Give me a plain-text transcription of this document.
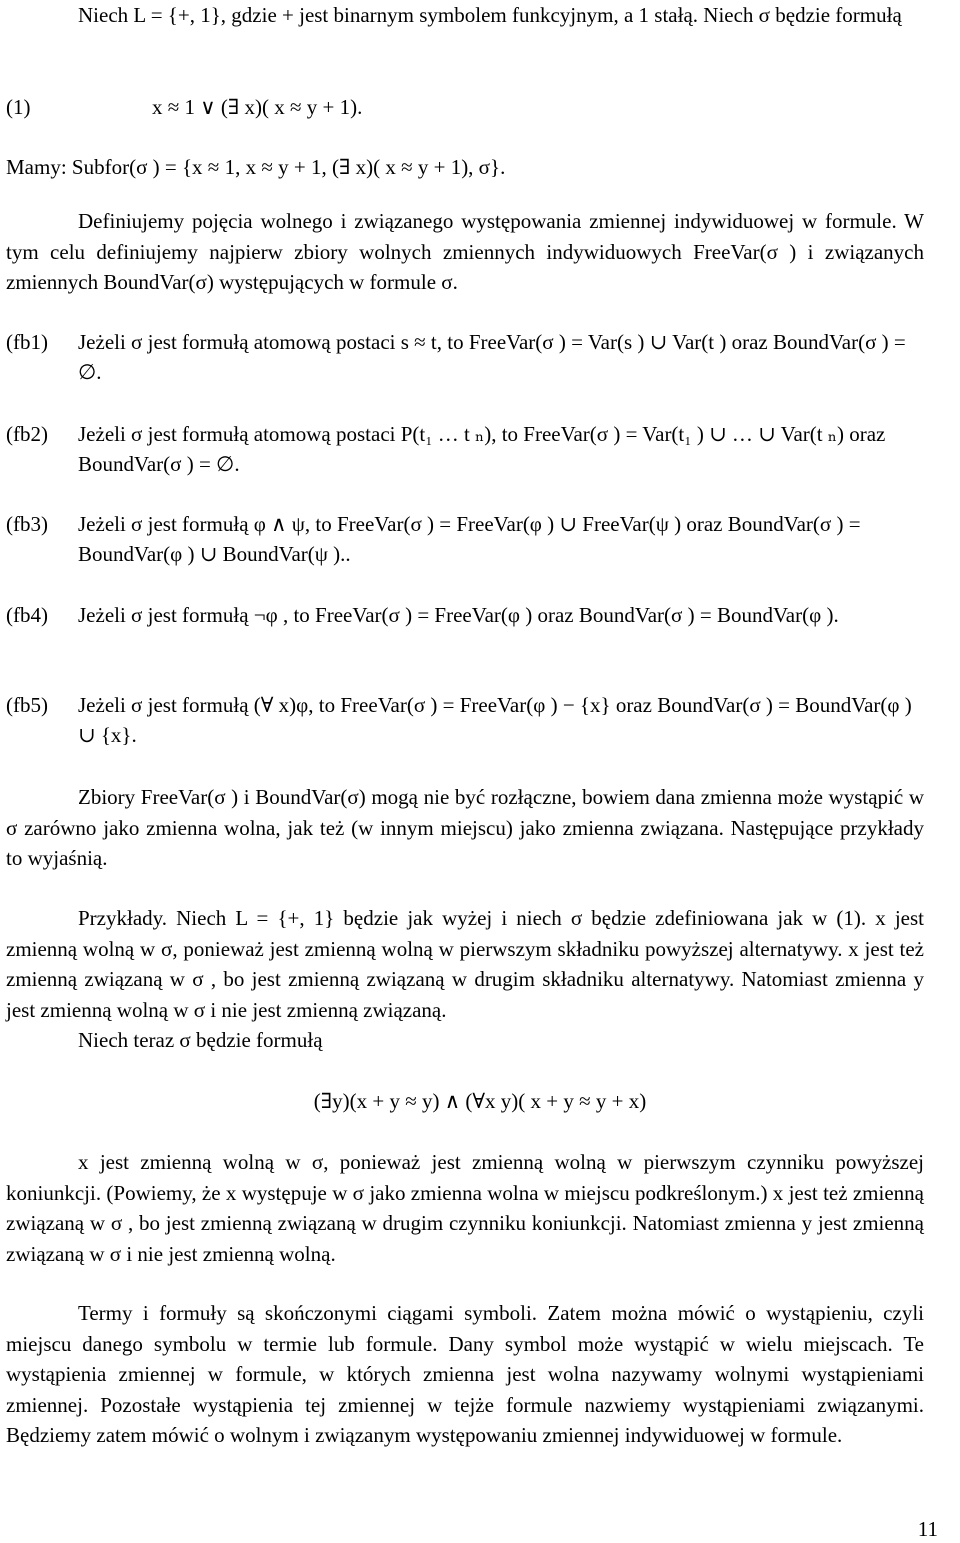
Niech L = {+, 1}, gdzie + jest binarnym symbolem funkcyjnym, a 1 stałą. Niech σ będzie formułą

(1)	x ≈ 1 ∨ (∃ x)( x ≈ y + 1).

Mamy: Subfor(σ ) = {x ≈ 1, x ≈ y + 1, (∃ x)( x ≈ y + 1), σ}.

Definiujemy pojęcia wolnego i związanego występowania zmiennej indywiduowej w formule. W tym celu definiujemy najpierw zbiory wolnych zmiennych indywiduowych FreeVar(σ ) i związanych zmiennych BoundVar(σ) występujących w formule σ.

(fb1)	Jeżeli σ jest formułą atomową postaci s ≈ t, to FreeVar(σ ) = Var(s ) ∪ Var(t ) oraz BoundVar(σ ) = ∅.
(fb2)	Jeżeli σ jest formułą atomową postaci P(t₁ … t ₙ), to FreeVar(σ ) = Var(t₁ ) ∪ … ∪ Var(t ₙ) oraz BoundVar(σ ) = ∅.
(fb3)	Jeżeli σ jest formułą φ ∧ ψ, to FreeVar(σ ) = FreeVar(φ ) ∪ FreeVar(ψ ) oraz BoundVar(σ ) = BoundVar(φ ) ∪ BoundVar(ψ )..
(fb4)	Jeżeli σ jest formułą ¬φ , to FreeVar(σ ) = FreeVar(φ ) oraz BoundVar(σ ) = BoundVar(φ ).
(fb5)	Jeżeli σ jest formułą (∀ x)φ, to FreeVar(σ ) = FreeVar(φ ) − {x} oraz BoundVar(σ ) = BoundVar(φ ) ∪ {x}.

Zbiory FreeVar(σ ) i BoundVar(σ) mogą nie być rozłączne, bowiem dana zmienna może wystąpić w σ zarówno jako zmienna wolna, jak też (w innym miejscu) jako zmienna związana. Następujące przykłady to wyjaśnią.

Przykłady. Niech L = {+, 1} będzie jak wyżej i niech σ będzie zdefiniowana jak w (1). x jest zmienną wolną w σ, ponieważ jest zmienną wolną w pierwszym składniku powyższej alternatywy. x jest też zmienną związaną w σ , bo jest zmienną związaną w drugim składniku alternatywy. Natomiast zmienna y jest zmienną wolną w σ i nie jest zmienną związaną.

Niech teraz σ będzie formułą

(∃y)(x + y ≈ y) ∧ (∀x y)( x + y ≈ y + x)

x jest zmienną wolną w σ, ponieważ jest zmienną wolną w pierwszym czynniku powyższej koniunkcji. (Powiemy, że x występuje w σ jako zmienna wolna w miejscu podkreślonym.) x jest też zmienną związaną w σ , bo jest zmienną związaną w drugim czynniku koniunkcji. Natomiast zmienna y jest zmienną związaną w σ i nie jest zmienną wolną.

Termy i formuły są skończonymi ciągami symboli. Zatem można mówić o wystąpieniu, czyli miejscu danego symbolu w termie lub formule. Dany symbol może wystąpić w wielu miejscach. Te wystąpienia zmiennej w formule, w których zmienna jest wolna nazywamy wolnymi wystąpieniami zmiennej. Pozostałe wystąpienia tej zmiennej w tejże formule nazwiemy wystąpieniami związanymi. Będziemy zatem mówić o wolnym i związanym występowaniu zmiennej indywiduowej w formule.

11
